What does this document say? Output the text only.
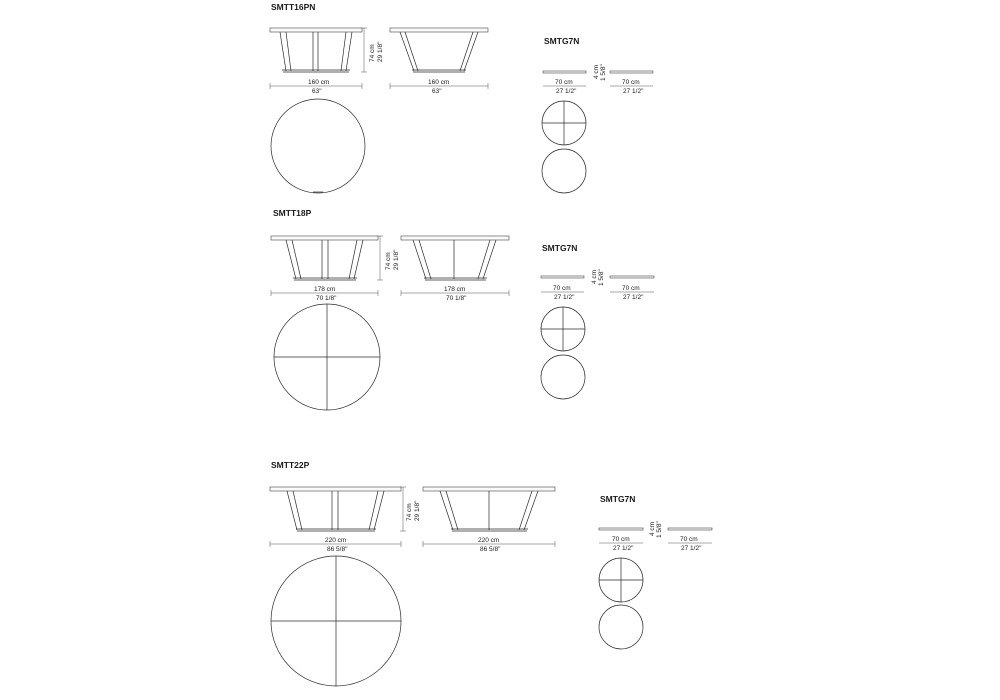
SMTT16PN
74 cm 29 1/8"
160 cm
63"
160 cm
63"
SMTG7N
4 cm 1 5/8"
70 cm
27 1/2"
70 cm
27 1/2"
SMTT18P
74 cm 29 1/8"
178 cm
70 1/8"
178 cm
70 1/8"
SMTG7N
4 cm 1 5/8"
70 cm
27 1/2"
70 cm
27 1/2"
SMTT22P
74 cm 29 1/8"
220 cm
86 5/8"
220 cm
86 5/8"
SMTG7N
4 cm 1 5/8"
70 cm
27 1/2"
70 cm
27 1/2"
